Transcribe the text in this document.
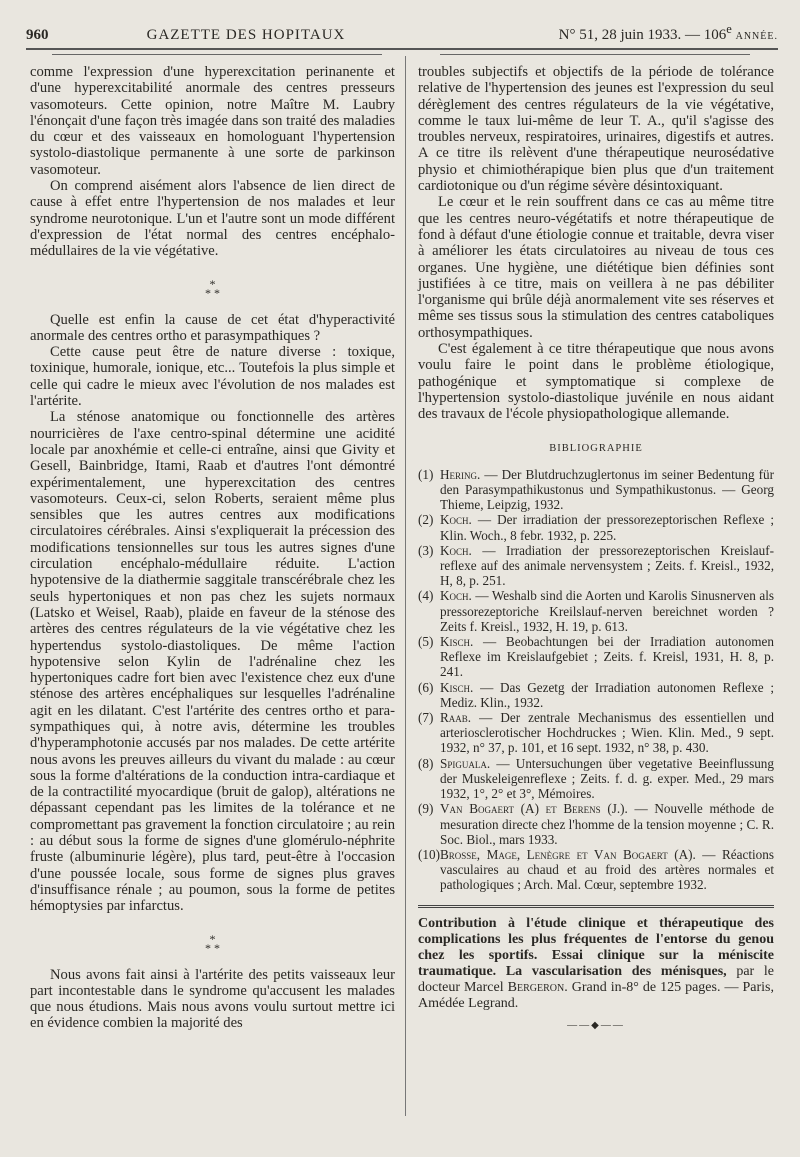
960	GAZETTE DES HOPITAUX	N° 51, 28 juin 1933. — 106e ANNÉE.

comme l'expression d'une hyperexcitation perinanente et d'une hyperexcitabilité anormale des centres presseurs vasomoteurs. Cette opinion, notre Maître M. Laubry l'énonçait d'une façon très imagée dans son traité des maladies du cœur et des vaisseaux en homologuant l'hypertension systolo-diastolique permanente à une sorte de parkinson vasomoteur.

On comprend aisément alors l'absence de lien direct de cause à effet entre l'hypertension de nos malades et leur syndrome neurotonique. L'un et l'autre sont un mode différent d'expression de l'état normal des centres encéphalo-médullaires de la vie végétative.

*
* *

Quelle est enfin la cause de cet état d'hyperactivité anormale des centres ortho et parasympathiques ?

Cette cause peut être de nature diverse : toxique, toxinique, humorale, ionique, etc... Toutefois la plus simple et celle qui cadre le mieux avec l'évolution de nos malades est l'artérite.

La sténose anatomique ou fonctionnelle des artères nourricières de l'axe centro-spinal détermine une acidité locale par anoxhémie et celle-ci entraîne, ainsi que Givity et Gesell, Bainbridge, Itami, Raab et d'autres l'ont démontré expérimentalement, une hyperexcitation des centres vasomoteurs. Ceux-ci, selon Roberts, seraient même plus sensibles que les autres centres aux modifications circulatoires cérébrales. Ainsi s'expliquerait la précession des modifications tensionnelles sur tous les autres signes d'une circulation encéphalo-médullaire réduite. L'action hypotensive de la diathermie saggitale transcérébrale chez les seuls hypertoniques et non pas chez les sujets normaux (Latsko et Weisel, Raab), plaide en faveur de la sténose des artères des centres régulateurs de la vie végétative chez les hypertendus systolo-diastoliques. De même l'action hypotensive selon Kylin de l'adrénaline chez les hypertoniques cadre fort bien avec l'existence chez eux d'une sténose des artères encéphaliques sur lesquelles l'adrénaline agit en les dilatant. C'est l'artérite des centres ortho et para-sympathiques qui, à notre avis, détermine les troubles d'hyperamphotonie accusés par nos malades. De cette artérite nous avons les preuves ailleurs du vivant du malade : au cœur sous la forme d'altérations de la conduction intra-cardiaque et de la contractilité myocardique (bruit de galop), altérations ne dépassant cependant pas les limites de la tolérance et ne compromettant pas gravement la fonction circulatoire ; au rein : au début sous la forme de signes d'une glomérulo-néphrite fruste (albuminurie légère), plus tard, peut-être à l'occasion d'une poussée locale, sous forme de signes plus graves d'insuffisance rénale ; au poumon, sous la forme de petites hémoptysies par infarctus.

*
* *

Nous avons fait ainsi à l'artérite des petits vaisseaux leur part incontestable dans le syndrome qu'accusent les malades que nous étudions. Mais nous avons voulu surtout mettre ici en évidence combien la majorité des

troubles subjectifs et objectifs de la période de tolérance relative de l'hypertension des jeunes est l'expression du seul dérèglement des centres régulateurs de la vie végétative, comme le taux lui-même de leur T. A., qu'il s'agisse des troubles nerveux, respiratoires, urinaires, digestifs et autres. A ce titre ils relèvent d'une thérapeutique neurosédative physio et chimiothérapique bien plus que d'un traitement cardiotonique ou d'un régime sévère désintoxiquant.

Le cœur et le rein souffrent dans ce cas au même titre que les centres neuro-végétatifs et notre thérapeutique de fond à défaut d'une étiologie connue et traitable, devra viser à améliorer les états circulatoires au niveau de tous ces organes. Une hygiène, une diététique bien définies sont justifiées à ce titre, mais on veillera à ne pas débiliter l'organisme qui brûle déjà anormalement vite ses réserves et même ses tissus sous la stimulation des centres cataboliques orthosympathiques.

C'est également à ce titre thérapeutique que nous avons voulu faire le point dans le problème étiologique, pathogénique et symptomatique si complexe de l'hypertension systolo-diastolique juvénile en nous aidant des travaux de l'école physiopathologique allemande.

BIBLIOGRAPHIE

(1) Hering. — Der Blutdruchzuglertonus im seiner Bedentung für den Parasympathikustonus und Sympathikustonus. — Georg Thieme, Leipzig, 1932.

(2) Koch. — Der irradiation der pressorezeptorischen Reflexe ; Klin. Woch., 8 febr. 1932, p. 225.

(3) Koch. — Irradiation der pressorezeptorischen Kreislauf-reflexe auf des animale nervensystem ; Zeits. f. Kreisl., 1932, H, 8, p. 251.

(4) Koch. — Weshalb sind die Aorten und Karolis Sinusnerven als pressorezeptoriche Kreilslauf-nerven bereichnet worden ? Zeits f. Kreisl., 1932, H. 19, p. 613.

(5) Kisch. — Beobachtungen bei der Irradiation autonomen Reflexe im Kreislaufgebiet ; Zeits. f. Kreisl, 1931, H. 8, p. 241.

(6) Kisch. — Das Gezetg der Irradiation autonomen Reflexe ; Mediz. Klin., 1932.

(7) Raab. — Der zentrale Mechanismus des essentiellen und arteriosclerotischer Hochdruckes ; Wien. Klin. Med., 9 sept. 1932, n° 37, p. 101, et 16 sept. 1932, n° 38, p. 430.

(8) Spiguala. — Untersuchungen über vegetative Beeinflussung der Muskeleigenreflexe ; Zeits. f. d. g. exper. Med., 29 mars 1932, 1°, 2° et 3°, Mémoires.

(9) Van Bogaert (A) et Berens (J.). — Nouvelle méthode de mesuration directe chez l'homme de la tension moyenne ; C. R. Soc. Biol., mars 1933.

(10)Brosse, Mage, Lenègre et Van Bogaert (A). — Réactions vasculaires au chaud et au froid des artères normales et pathologiques ; Arch. Mal. Cœur, septembre 1932.

Contribution à l'étude clinique et thérapeutique des complications les plus fréquentes de l'entorse du genou chez les sportifs. Essai clinique sur la méniscite traumatique. La vascularisation des ménisques, par le docteur Marcel Bergeron. Grand in-8° de 125 pages. — Paris, Amédée Legrand.

——◆——
